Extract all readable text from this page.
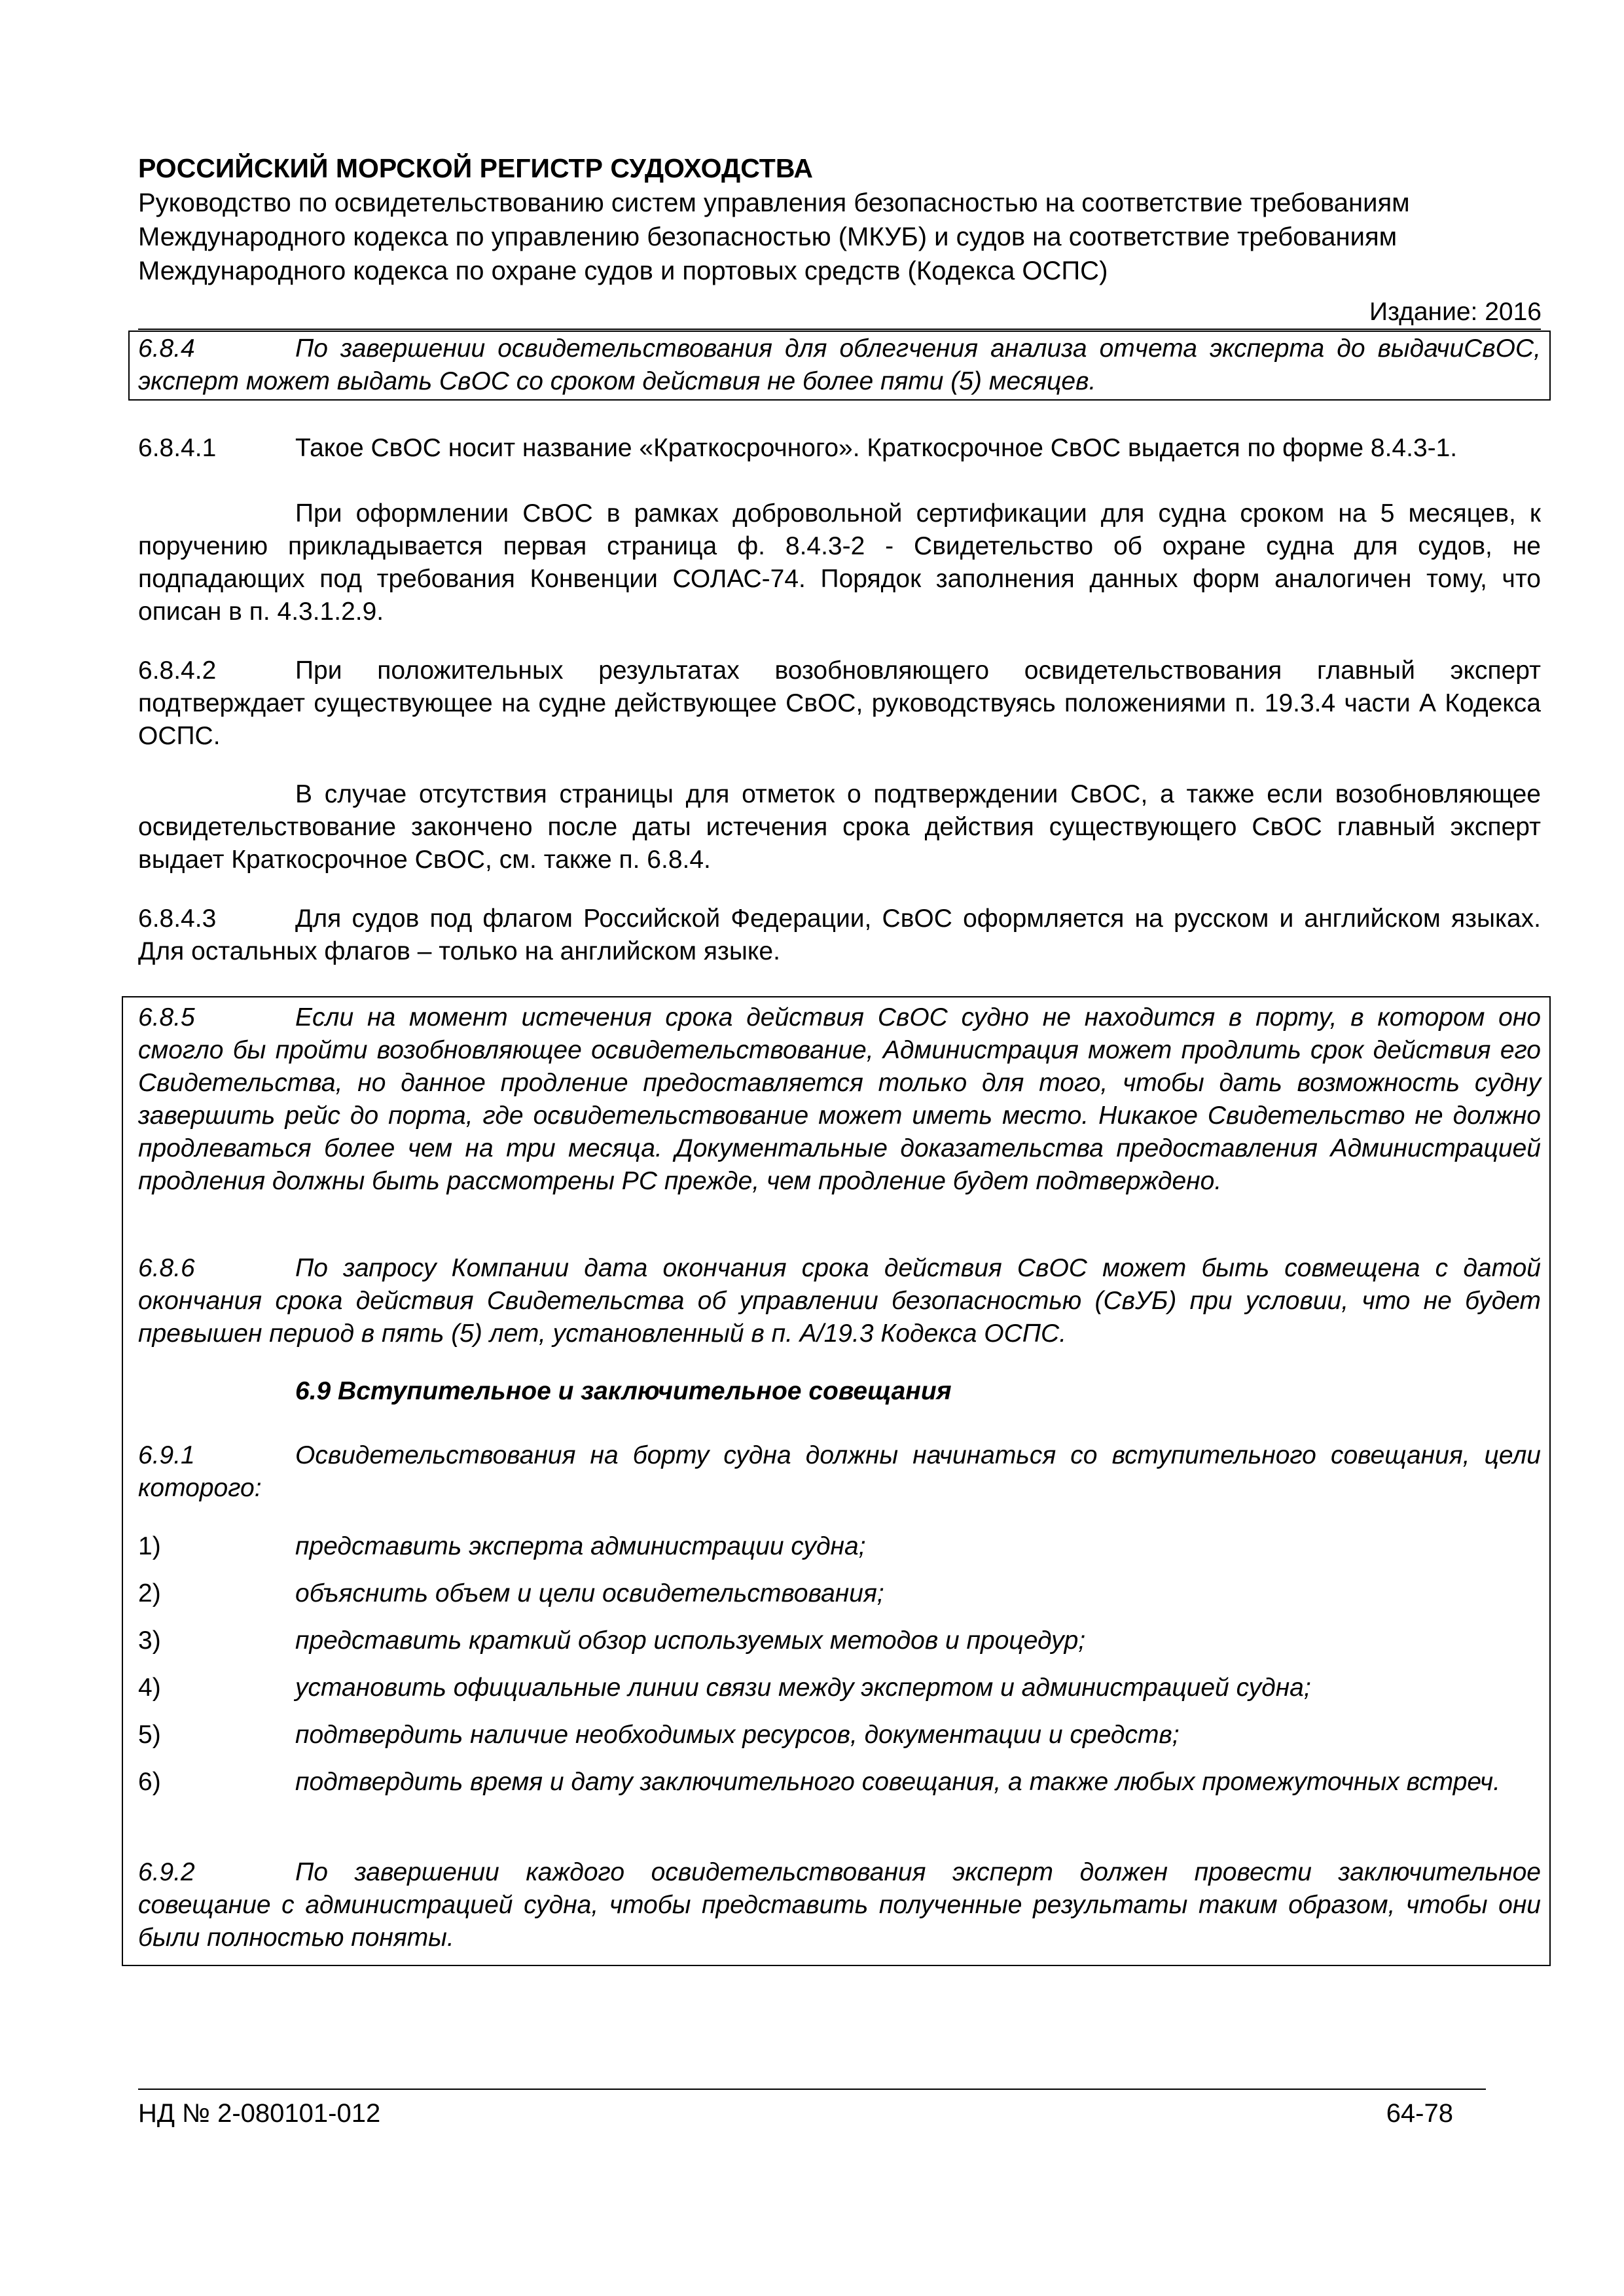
РОССИЙСКИЙ МОРСКОЙ РЕГИСТР СУДОХОДСТВА
Руководство по освидетельствованию систем управления безопасностью на соответствие требованиям
Международного кодекса по управлению безопасностью (МКУБ) и судов на соответствие требованиям
Международного кодекса по охране судов и портовых средств (Кодекса ОСПС)
Издание: 2016
6.8.4	По завершении освидетельствования для облегчения анализа отчета эксперта до выдачиСвОС, эксперт может выдать СвОС со сроком действия не более пяти (5) месяцев.
6.8.4.1	Такое СвОС носит название «Краткосрочного». Краткосрочное СвОС выдается по форме 8.4.3-1.
При оформлении СвОС в рамках добровольной сертификации для судна сроком на 5 месяцев, к поручению прикладывается первая страница ф. 8.4.3-2 - Свидетельство об охране судна для судов, не подпадающих под требования Конвенции СОЛАС-74. Порядок заполнения данных форм аналогичен тому, что описан в п. 4.3.1.2.9.
6.8.4.2	При положительных результатах возобновляющего освидетельствования главный эксперт подтверждает существующее на судне действующее СвОС, руководствуясь положениями п. 19.3.4 части А Кодекса ОСПС.
В случае отсутствия страницы для отметок о подтверждении СвОС, а также если возобновляющее освидетельствование закончено после даты истечения срока действия существующего СвОС главный эксперт выдает Краткосрочное СвОС, см. также п. 6.8.4.
6.8.4.3	Для судов под флагом Российской Федерации, СвОС оформляется на русском и английском языках. Для остальных флагов – только на английском языке.
6.8.5	Если на момент истечения срока действия СвОС судно не находится в порту, в котором оно смогло бы пройти возобновляющее освидетельствование, Администрация может продлить срок действия его Свидетельства, но данное продление предоставляется только для того, чтобы дать возможность судну завершить рейс до порта, где освидетельствование может иметь место. Никакое Свидетельство не должно продлеваться более чем на три месяца. Документальные доказательства предоставления Администрацией продления должны быть рассмотрены РС прежде, чем продление будет подтверждено.
6.8.6	По запросу Компании дата окончания срока действия СвОС может быть совмещена с датой окончания срока действия Свидетельства об управлении безопасностью (СвУБ) при условии, что не будет превышен период в пять (5) лет, установленный в п. A/19.3 Кодекса ОСПС.
6.9 Вступительное и заключительное совещания
6.9.1	Освидетельствования на борту судна должны начинаться со вступительного совещания, цели которого:
1)	представить эксперта администрации судна;
2)	объяснить объем и цели освидетельствования;
3)	представить краткий обзор используемых методов и процедур;
4)	установить официальные линии связи между экспертом и администрацией судна;
5)	подтвердить наличие необходимых ресурсов, документации и средств;
6)	подтвердить время и дату заключительного совещания, а также любых промежуточных встреч.
6.9.2	По завершении каждого освидетельствования эксперт должен провести заключительное совещание с администрацией судна, чтобы представить полученные результаты таким образом, чтобы они были полностью поняты.
НД № 2-080101-012	64-78
